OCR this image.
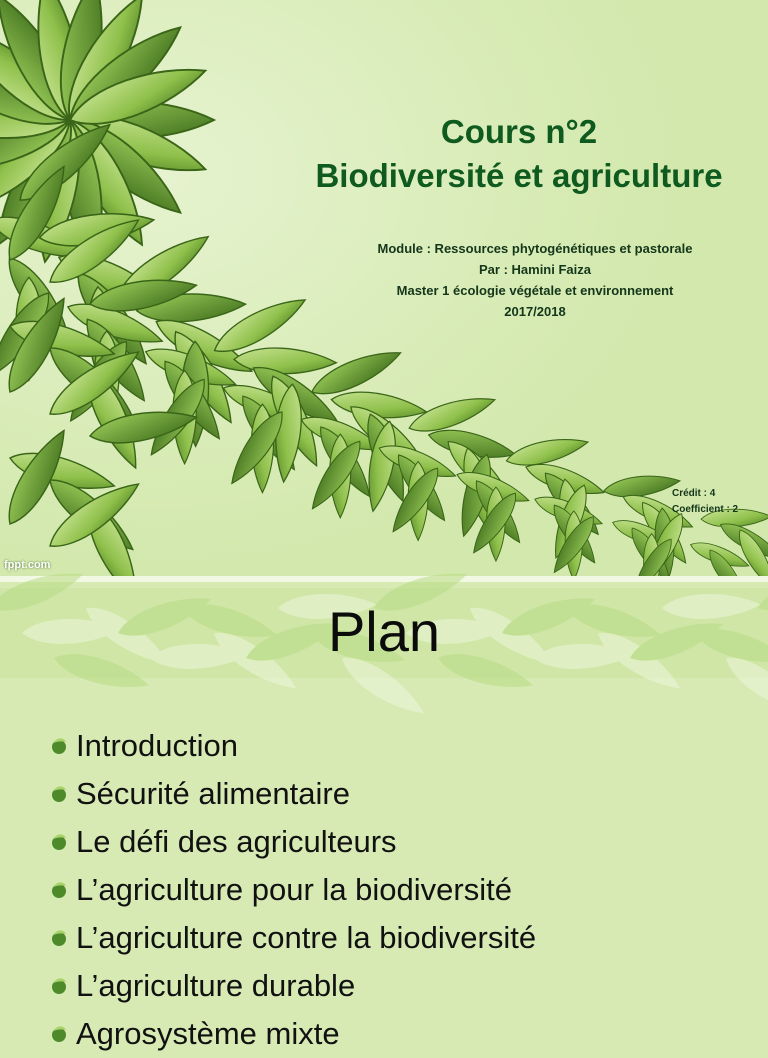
Cours n°2
Biodiversité et agriculture
Module : Ressources phytogénétiques et pastorale
Par : Hamini Faiza
Master 1 écologie végétale et environnement
2017/2018
Crédit : 4
Coefficient : 2
fppt.com
Plan
Introduction
Sécurité alimentaire
Le défi des agriculteurs
L’agriculture pour la biodiversité
L’agriculture contre la biodiversité
L’agriculture durable
Agrosystème mixte
